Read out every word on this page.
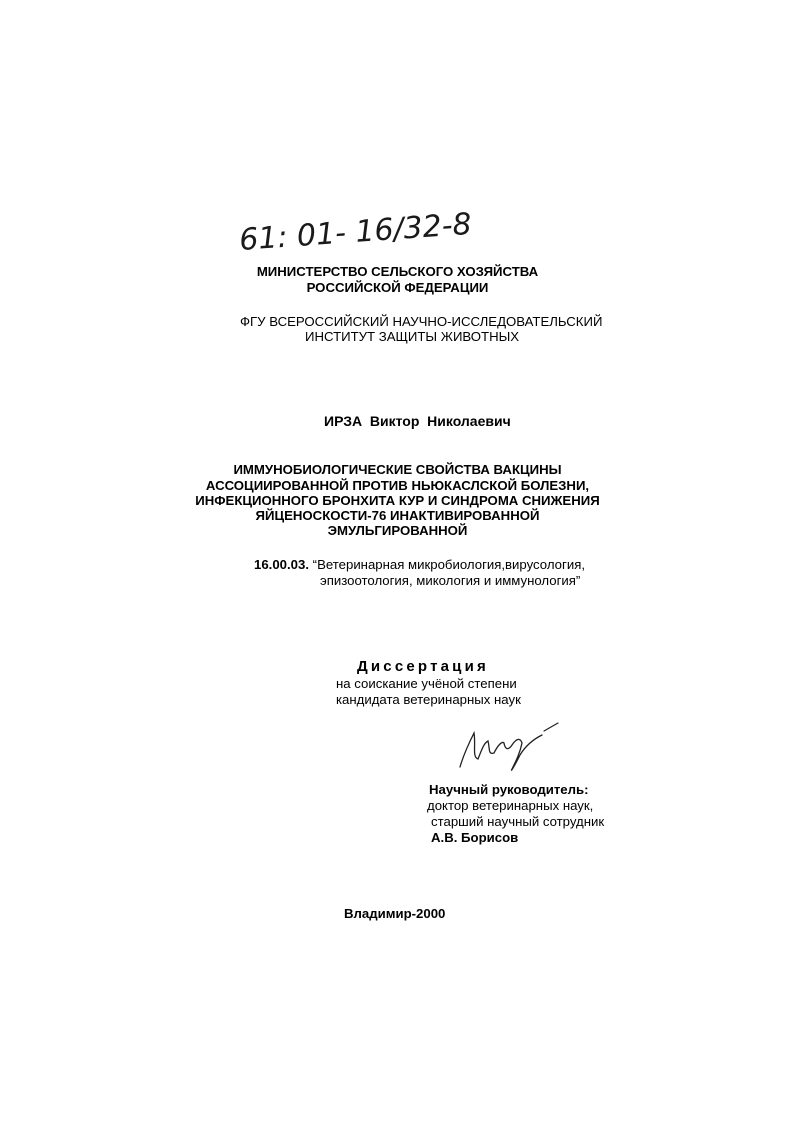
61: 01- 16/32-8
МИНИСТЕРСТВО СЕЛЬСКОГО ХОЗЯЙСТВА
РОССИЙСКОЙ ФЕДЕРАЦИИ
ФГУ ВСЕРОССИЙСКИЙ НАУЧНО-ИССЛЕДОВАТЕЛЬСКИЙ
ИНСТИТУТ ЗАЩИТЫ ЖИВОТНЫХ
ИРЗА  Виктор  Николаевич
ИММУНОБИОЛОГИЧЕСКИЕ СВОЙСТВА ВАКЦИНЫ
АССОЦИИРОВАННОЙ ПРОТИВ НЬЮКАСЛСКОЙ БОЛЕЗНИ,
ИНФЕКЦИОННОГО БРОНХИТА КУР И СИНДРОМА СНИЖЕНИЯ
ЯЙЦЕНОСКОСТИ-76 ИНАКТИВИРОВАННОЙ
ЭМУЛЬГИРОВАННОЙ
16.00.03. “Ветеринарная микробиология,вирусология,
эпизоотология, микология и иммунология”
Диссертация
на соискание учёной степени
кандидата ветеринарных наук
Научный руководитель:
доктор ветеринарных наук,
старший научный сотрудник
А.В. Борисов
Владимир-2000
